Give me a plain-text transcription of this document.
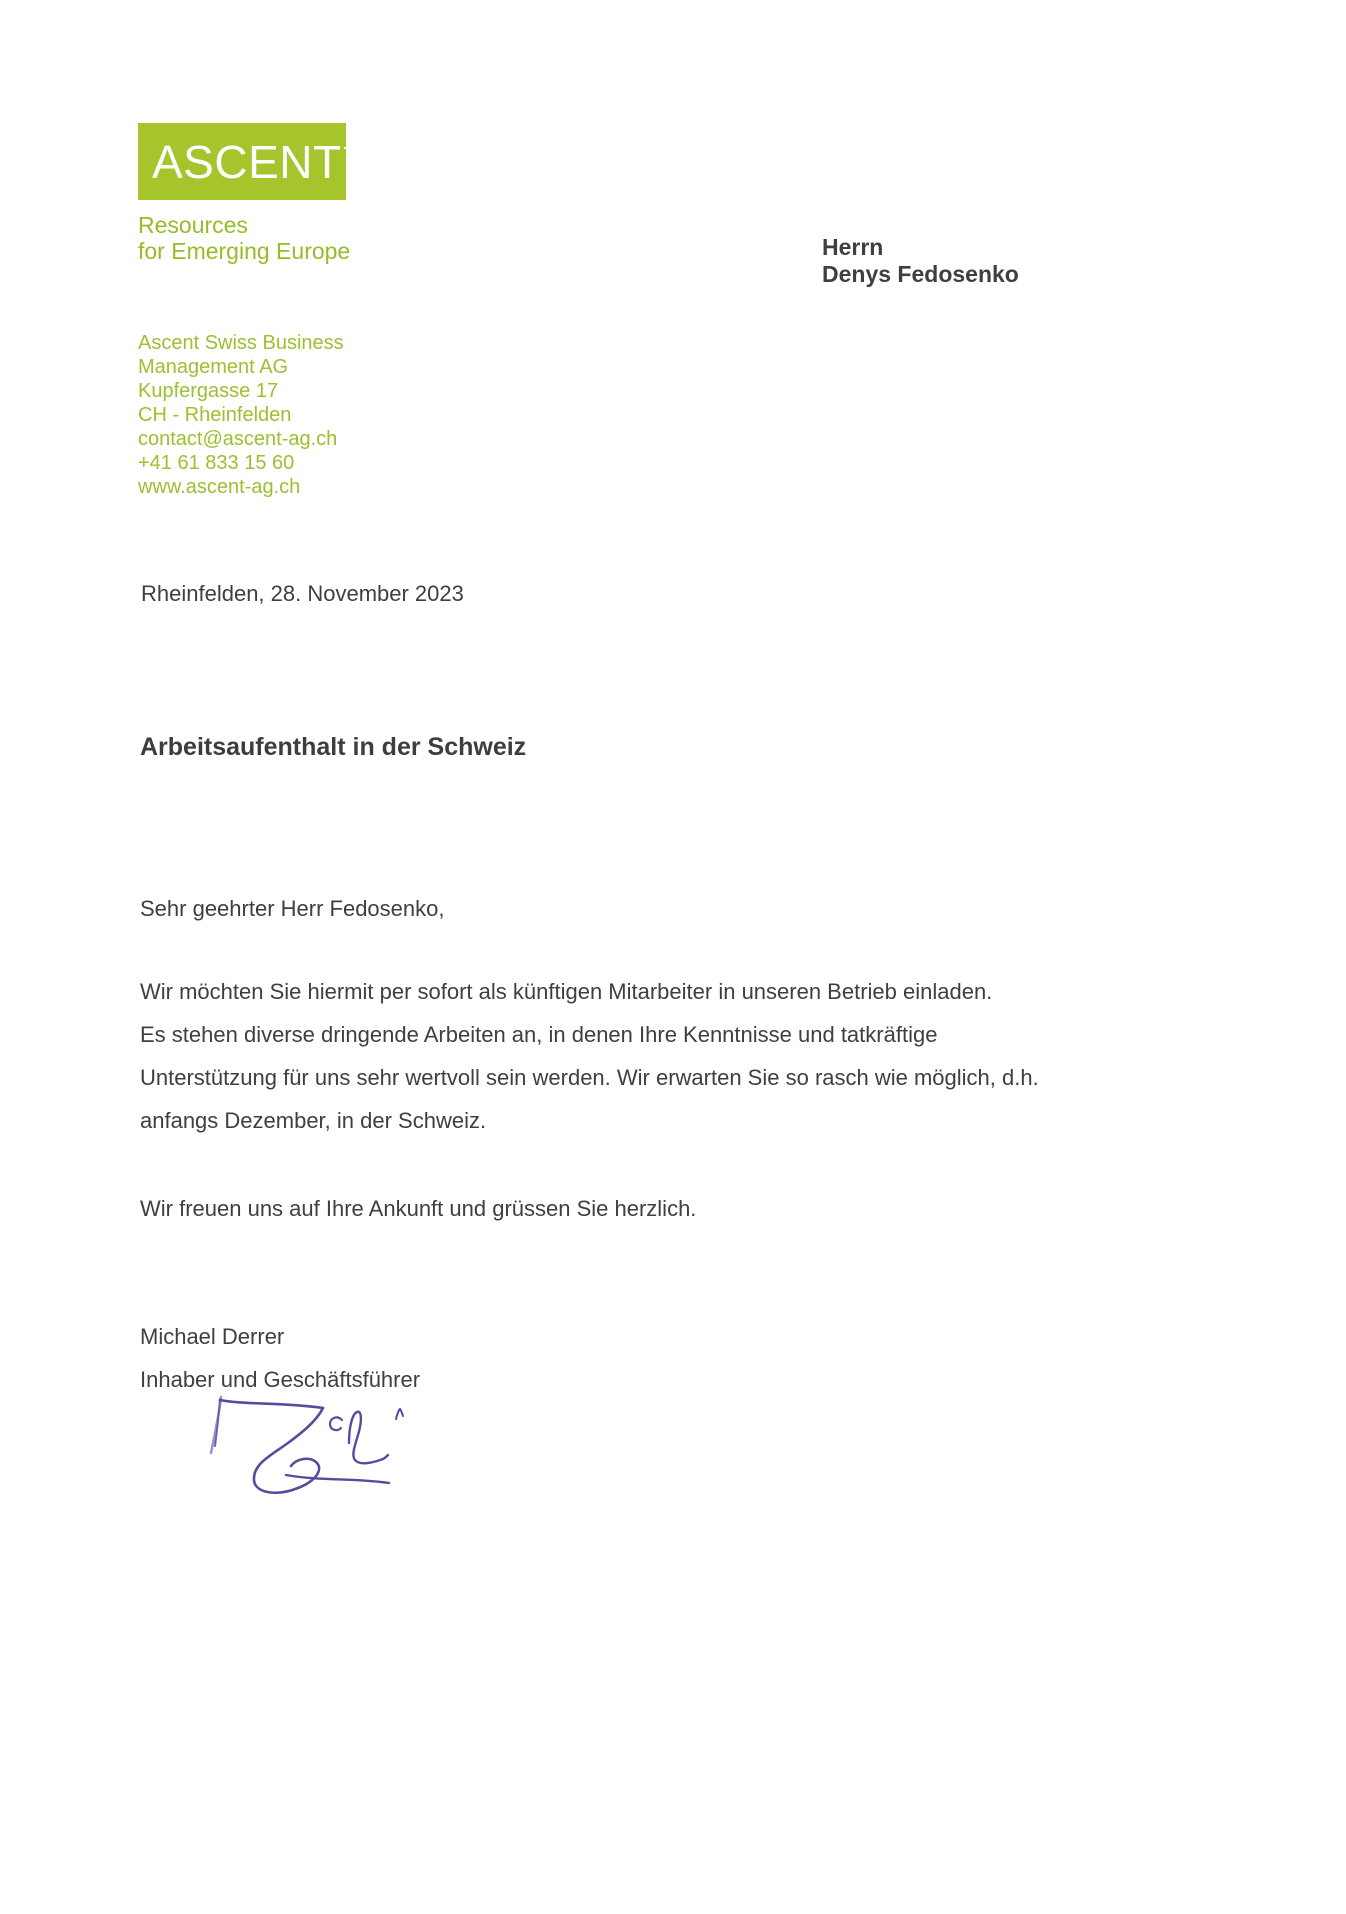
ASCENT +
Resources
for Emerging Europe
Ascent Swiss Business
Management AG
Kupfergasse 17
CH - Rheinfelden
contact@ascent-ag.ch
+41 61 833 15 60
www.ascent-ag.ch
Herrn
Denys Fedosenko
Rheinfelden, 28. November 2023
Arbeitsaufenthalt in der Schweiz
Sehr geehrter Herr Fedosenko,
Wir möchten Sie hiermit per sofort als künftigen Mitarbeiter in unseren Betrieb einladen.
Es stehen diverse dringende Arbeiten an, in denen Ihre Kenntnisse und tatkräftige
Unterstützung für uns sehr wertvoll sein werden. Wir erwarten Sie so rasch wie möglich, d.h.
anfangs Dezember, in der Schweiz.
Wir freuen uns auf Ihre Ankunft und grüssen Sie herzlich.
Michael Derrer
Inhaber und Geschäftsführer
